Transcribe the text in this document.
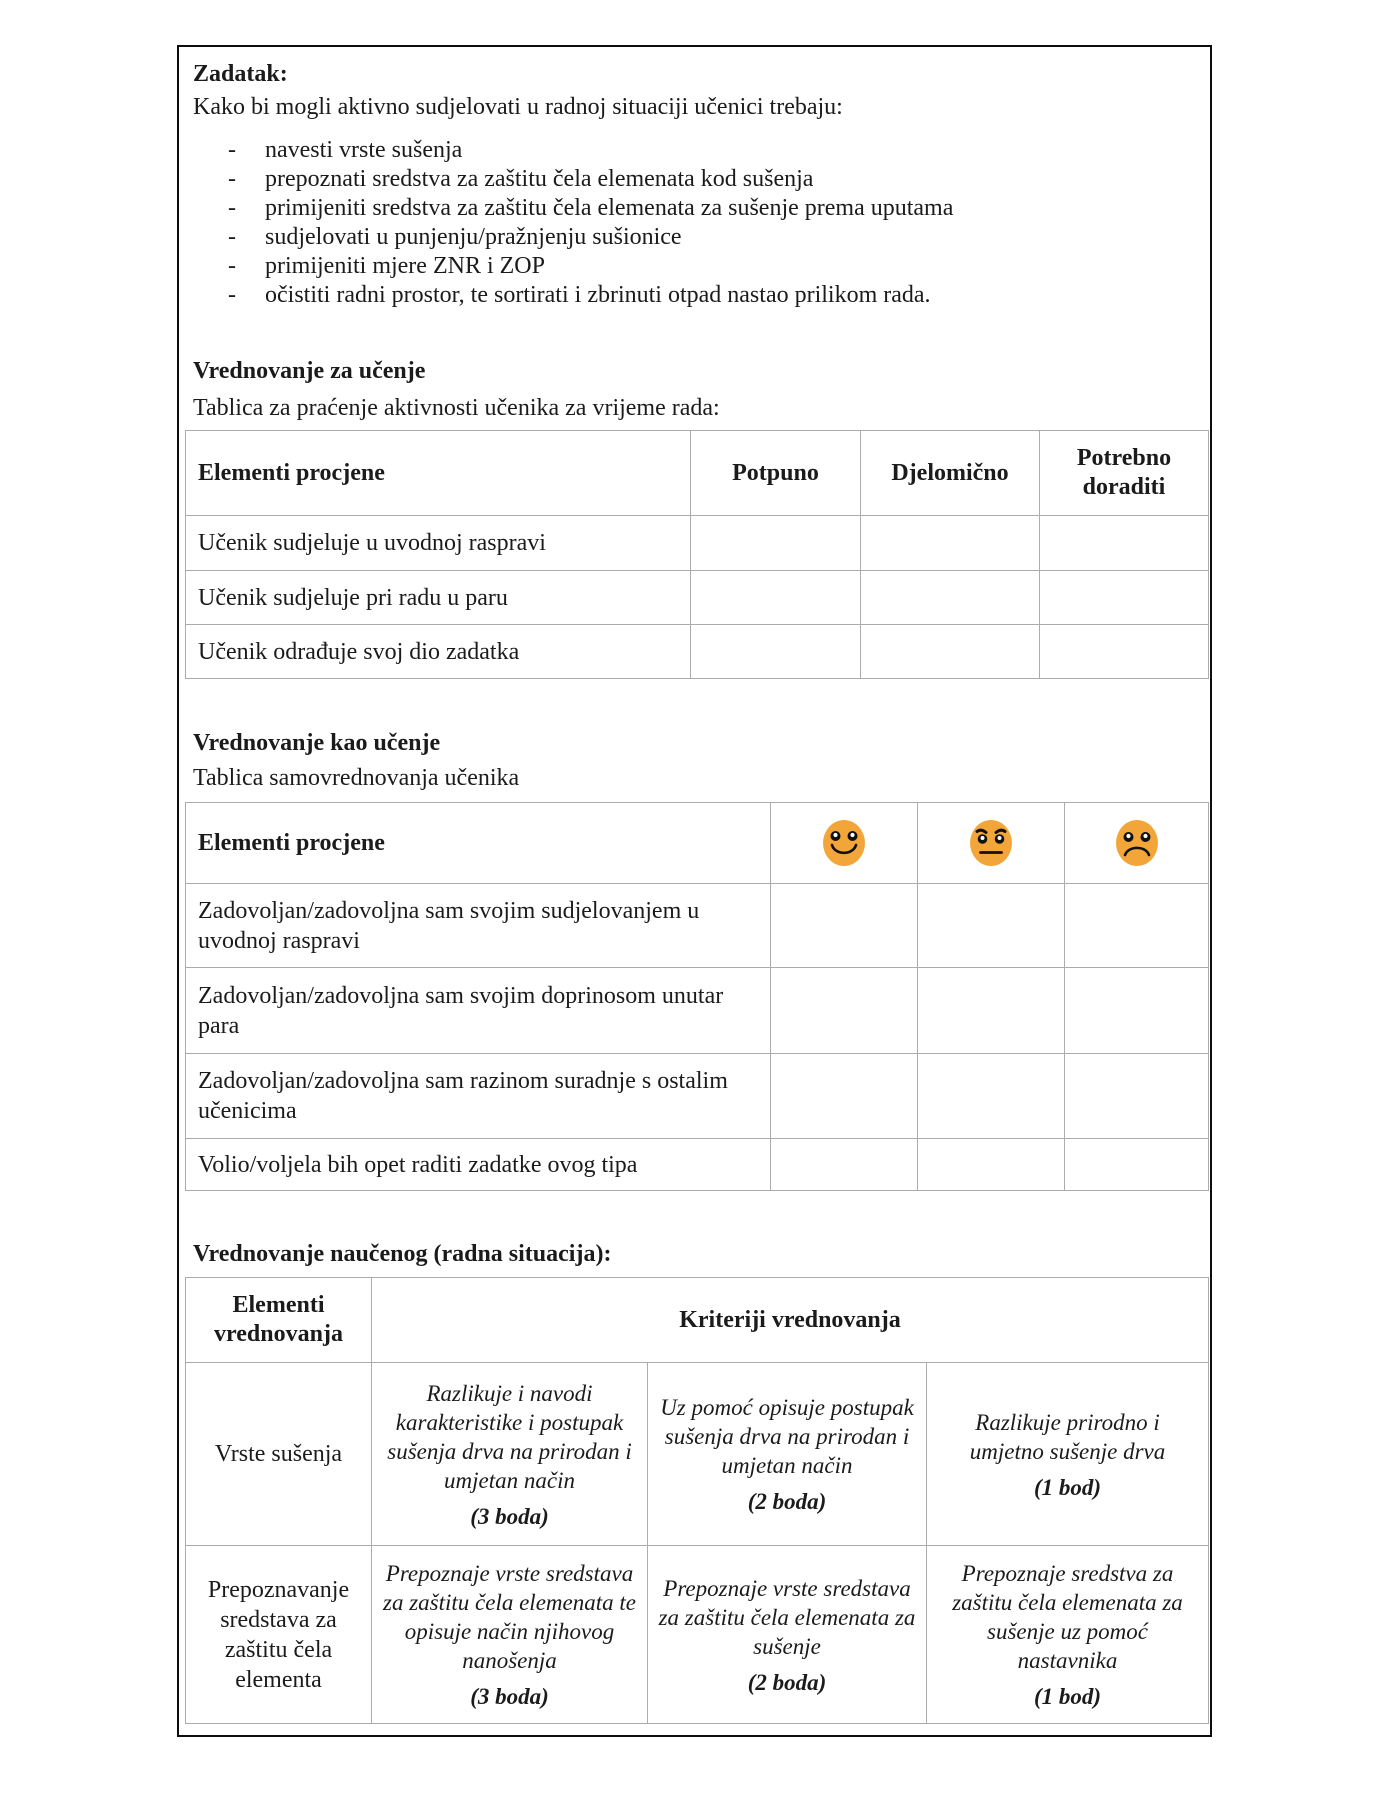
Zadatak:
Kako bi mogli aktivno sudjelovati u radnoj situaciji učenici trebaju:
-	navesti vrste sušenja
-	prepoznati sredstva za zaštitu čela elemenata kod sušenja
-	primijeniti sredstva za zaštitu čela elemenata za sušenje prema uputama
-	sudjelovati u punjenju/pražnjenju sušionice
-	primijeniti mjere ZNR i ZOP
-	očistiti radni prostor, te sortirati i zbrinuti otpad nastao prilikom rada.
Vrednovanje za učenje
Tablica za praćenje aktivnosti učenika za vrijeme rada:
Elementi procjene	Potpuno	Djelomično	Potrebno doraditi
Učenik sudjeluje u uvodnoj raspravi			
Učenik sudjeluje pri radu u paru			
Učenik odrađuje svoj dio zadatka			
Vrednovanje kao učenje
Tablica samovrednovanja učenika
Elementi procjene			
Zadovoljan/zadovoljna sam svojim sudjelovanjem u uvodnoj raspravi			
Zadovoljan/zadovoljna sam svojim doprinosom unutar para			
Zadovoljan/zadovoljna sam razinom suradnje s ostalim učenicima			
Volio/voljela bih opet raditi zadatke ovog tipa			
Vrednovanje naučenog (radna situacija):
Elementi vrednovanja	Kriteriji vrednovanja		
Vrste sušenja	
Razlikuje i navodi karakteristike i postupak sušenja drva na prirodan i umjetan način
(3 boda)

Uz pomoć opisuje postupak sušenja drva na prirodan i umjetan način
(2 boda)

Razlikuje prirodno i umjetno sušenje drva
(1 bod)

Prepoznavanje sredstava za zaštitu čela elementa	
Prepoznaje vrste sredstava za zaštitu čela elemenata te opisuje način njihovog nanošenja
(3 boda)

Prepoznaje vrste sredstava za zaštitu čela elemenata za sušenje
(2 boda)

Prepoznaje sredstva za zaštitu čela elemenata za sušenje uz pomoć nastavnika
(1 bod)
